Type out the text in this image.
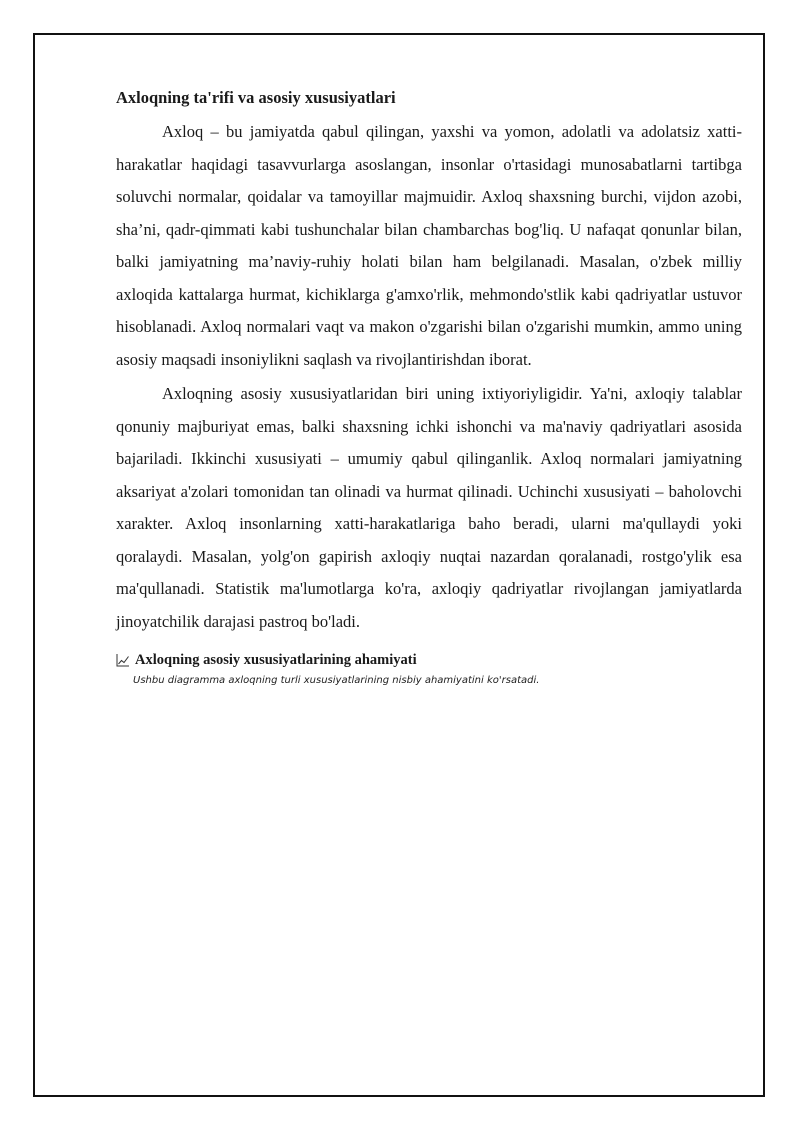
Axloqning ta'rifi va asosiy xususiyatlari

Axloq – bu jamiyatda qabul qilingan, yaxshi va yomon, adolatli va adolatsiz xatti-harakatlar haqidagi tasavvurlarga asoslangan, insonlar o'rtasidagi munosabatlarni tartibga soluvchi normalar, qoidalar va tamoyillar majmuidir. Axloq shaxsning burchi, vijdon azobi, sha’ni, qadr-qimmati kabi tushunchalar bilan chambarchas bog'liq. U nafaqat qonunlar bilan, balki jamiyatning ma’naviy-ruhiy holati bilan ham belgilanadi. Masalan, o'zbek milliy axloqida kattalarga hurmat, kichiklarga g'amxo'rlik, mehmondo'stlik kabi qadriyatlar ustuvor hisoblanadi. Axloq normalari vaqt va makon o'zgarishi bilan o'zgarishi mumkin, ammo uning asosiy maqsadi insoniylikni saqlash va rivojlantirishdan iborat.

Axloqning asosiy xususiyatlaridan biri uning ixtiyoriyligidir. Ya'ni, axloqiy talablar qonuniy majburiyat emas, balki shaxsning ichki ishonchi va ma'naviy qadriyatlari asosida bajariladi. Ikkinchi xususiyati – umumiy qabul qilinganlik. Axloq normalari jamiyatning aksariyat a'zolari tomonidan tan olinadi va hurmat qilinadi. Uchinchi xususiyati – baholovchi xarakter. Axloq insonlarning xatti-harakatlariga baho beradi, ularni ma'qullaydi yoki qoralaydi. Masalan, yolg'on gapirish axloqiy nuqtai nazardan qoralanadi, rostgo'ylik esa ma'qullanadi. Statistik ma'lumotlarga ko'ra, axloqiy qadriyatlar rivojlangan jamiyatlarda jinoyatchilik darajasi pastroq bo'ladi.

Axloqning asosiy xususiyatlarining ahamiyati
Ushbu diagramma axloqning turli xususiyatlarining nisbiy ahamiyatini ko'rsatadi.
